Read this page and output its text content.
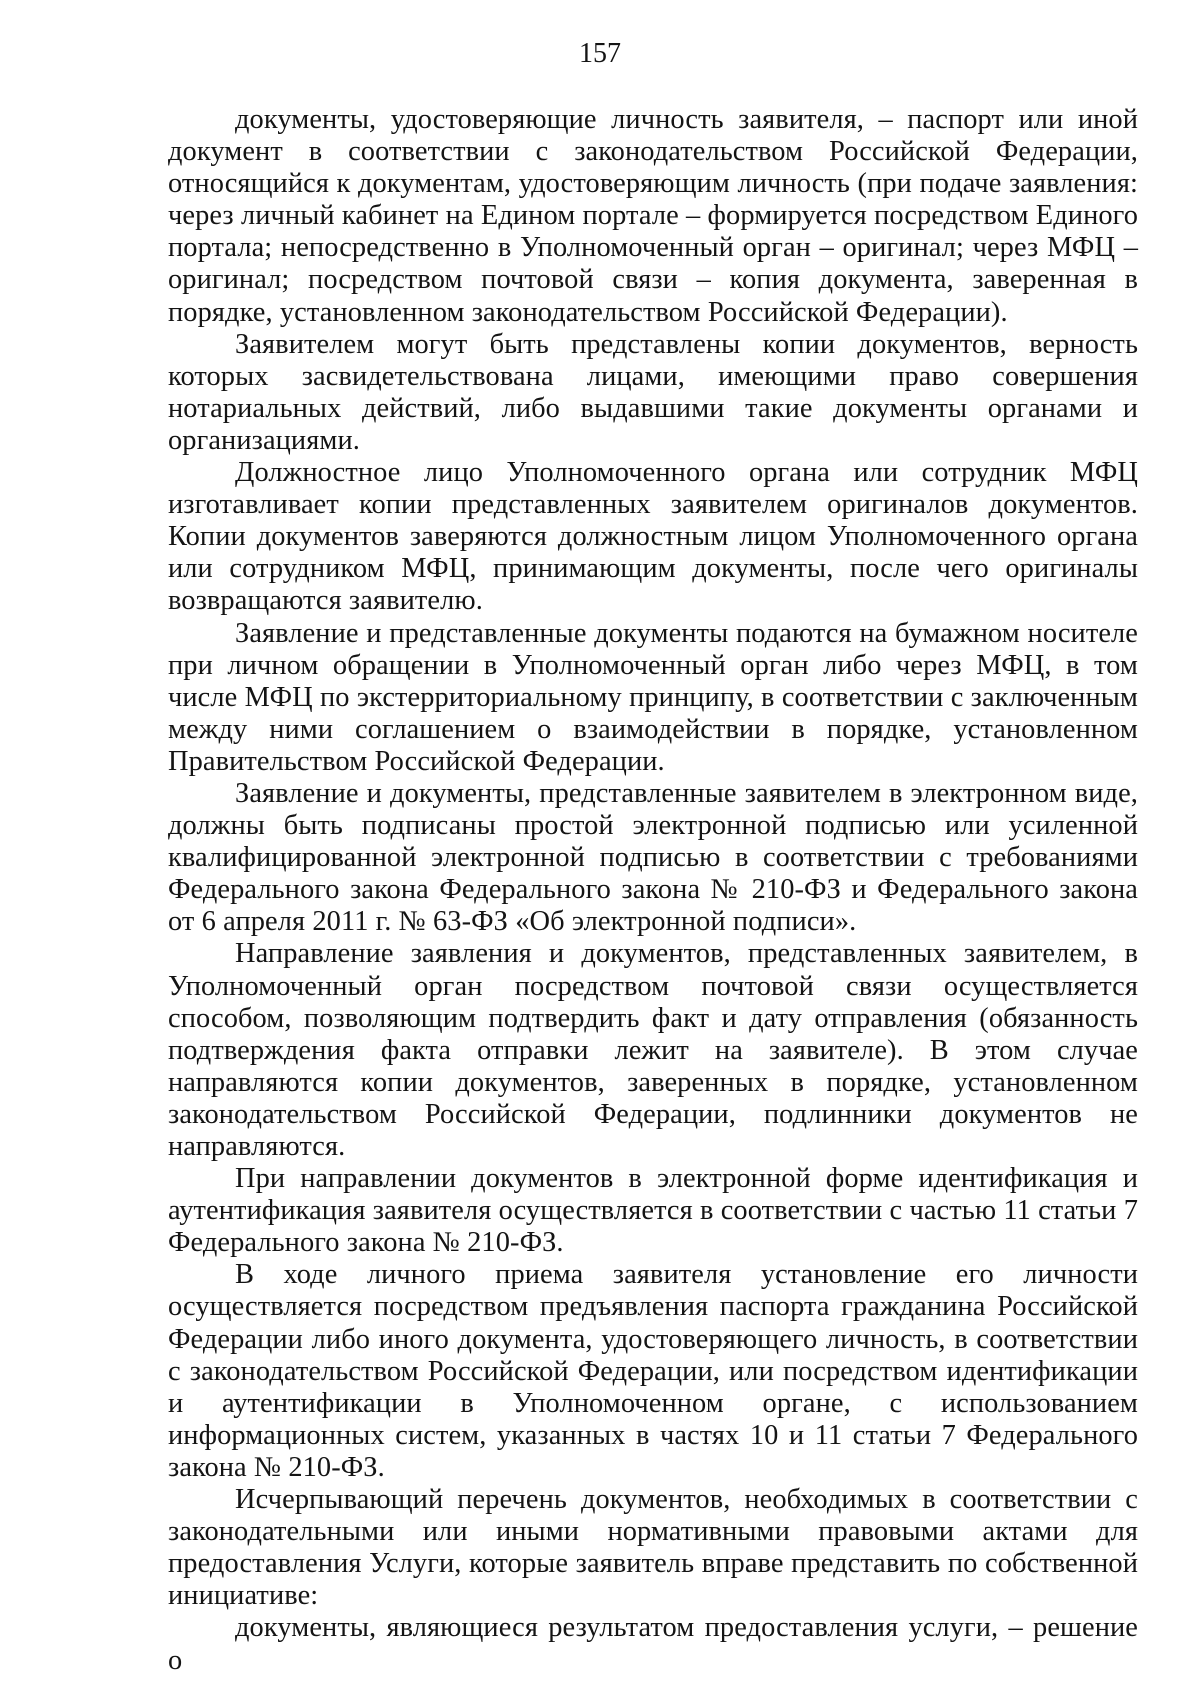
157

документы, удостоверяющие личность заявителя, – паспорт или иной документ в соответствии с законодательством Российской Федерации, относящийся к документам, удостоверяющим личность (при подаче заявления: через личный кабинет на Едином портале – формируется посредством Единого портала; непосредственно в Уполномоченный орган – оригинал; через МФЦ – оригинал; посредством почтовой связи – копия документа, заверенная в порядке, установленном законодательством Российской Федерации).

Заявителем могут быть представлены копии документов, верность которых засвидетельствована лицами, имеющими право совершения нотариальных действий, либо выдавшими такие документы органами и организациями.

Должностное лицо Уполномоченного органа или сотрудник МФЦ изготавливает копии представленных заявителем оригиналов документов. Копии документов заверяются должностным лицом Уполномоченного органа или сотрудником МФЦ, принимающим документы, после чего оригиналы возвращаются заявителю.

Заявление и представленные документы подаются на бумажном носителе при личном обращении в Уполномоченный орган либо через МФЦ, в том числе МФЦ по экстерриториальному принципу, в соответствии с заключенным между ними соглашением о взаимодействии в порядке, установленном Правительством Российской Федерации.

Заявление и документы, представленные заявителем в электронном виде, должны быть подписаны простой электронной подписью или усиленной квалифицированной электронной подписью в соответствии с требованиями Федерального закона Федерального закона № 210-ФЗ и Федерального закона от 6 апреля 2011 г. № 63-ФЗ «Об электронной подписи».

Направление заявления и документов, представленных заявителем, в Уполномоченный орган посредством почтовой связи осуществляется способом, позволяющим подтвердить факт и дату отправления (обязанность подтверждения факта отправки лежит на заявителе). В этом случае направляются копии документов, заверенных в порядке, установленном законодательством Российской Федерации, подлинники документов не направляются.

При направлении документов в электронной форме идентификация и аутентификация заявителя осуществляется в соответствии с частью 11 статьи 7 Федерального закона № 210-ФЗ.

В ходе личного приема заявителя установление его личности осуществляется посредством предъявления паспорта гражданина Российской Федерации либо иного документа, удостоверяющего личность, в соответствии с законодательством Российской Федерации, или посредством идентификации и аутентификации в Уполномоченном органе, с использованием информационных систем, указанных в частях 10 и 11 статьи 7 Федерального закона № 210-ФЗ.

Исчерпывающий перечень документов, необходимых в соответствии с законодательными или иными нормативными правовыми актами для предоставления Услуги, которые заявитель вправе представить по собственной инициативе:

документы, являющиеся результатом предоставления услуги, – решение о
